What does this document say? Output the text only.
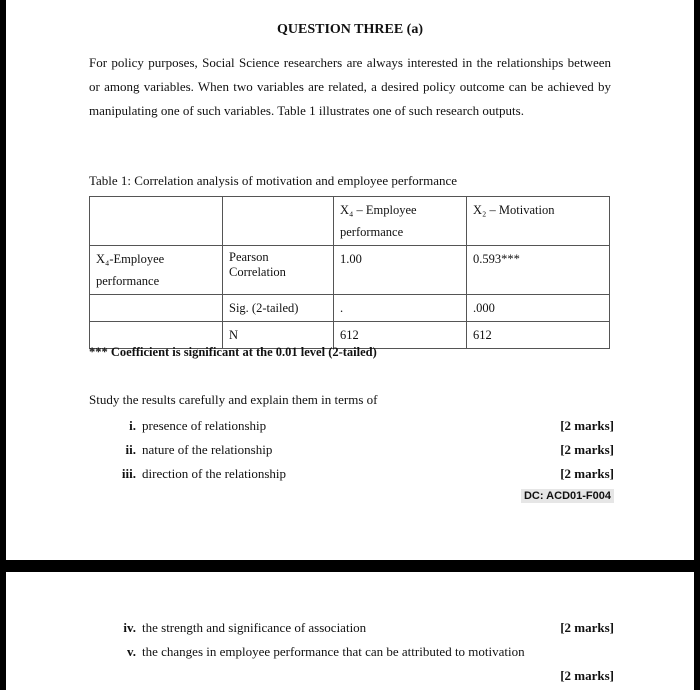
QUESTION THREE (a)
For policy purposes, Social Science researchers are always interested in the relationships between or among variables. When two variables are related, a desired policy outcome can be achieved by manipulating one of such variables. Table 1 illustrates one of such research outputs.
Table 1: Correlation analysis of motivation and employee performance
		X₄ – Employee performance	X₂ – Motivation
X₄-Employee performance	Pearson Correlation	1.00	0.593***
	Sig. (2-tailed)	.	.000
	N	612	612
*** Coefficient is significant at the 0.01 level (2-tailed)
Study the results carefully and explain them in terms of
i. presence of relationship	[2 marks]
ii. nature of the relationship	[2 marks]
iii. direction of the relationship	[2 marks]
DC: ACD01-F004
iv. the strength and significance of association	[2 marks]
v. the changes in employee performance that can be attributed to motivation
[2 marks]
